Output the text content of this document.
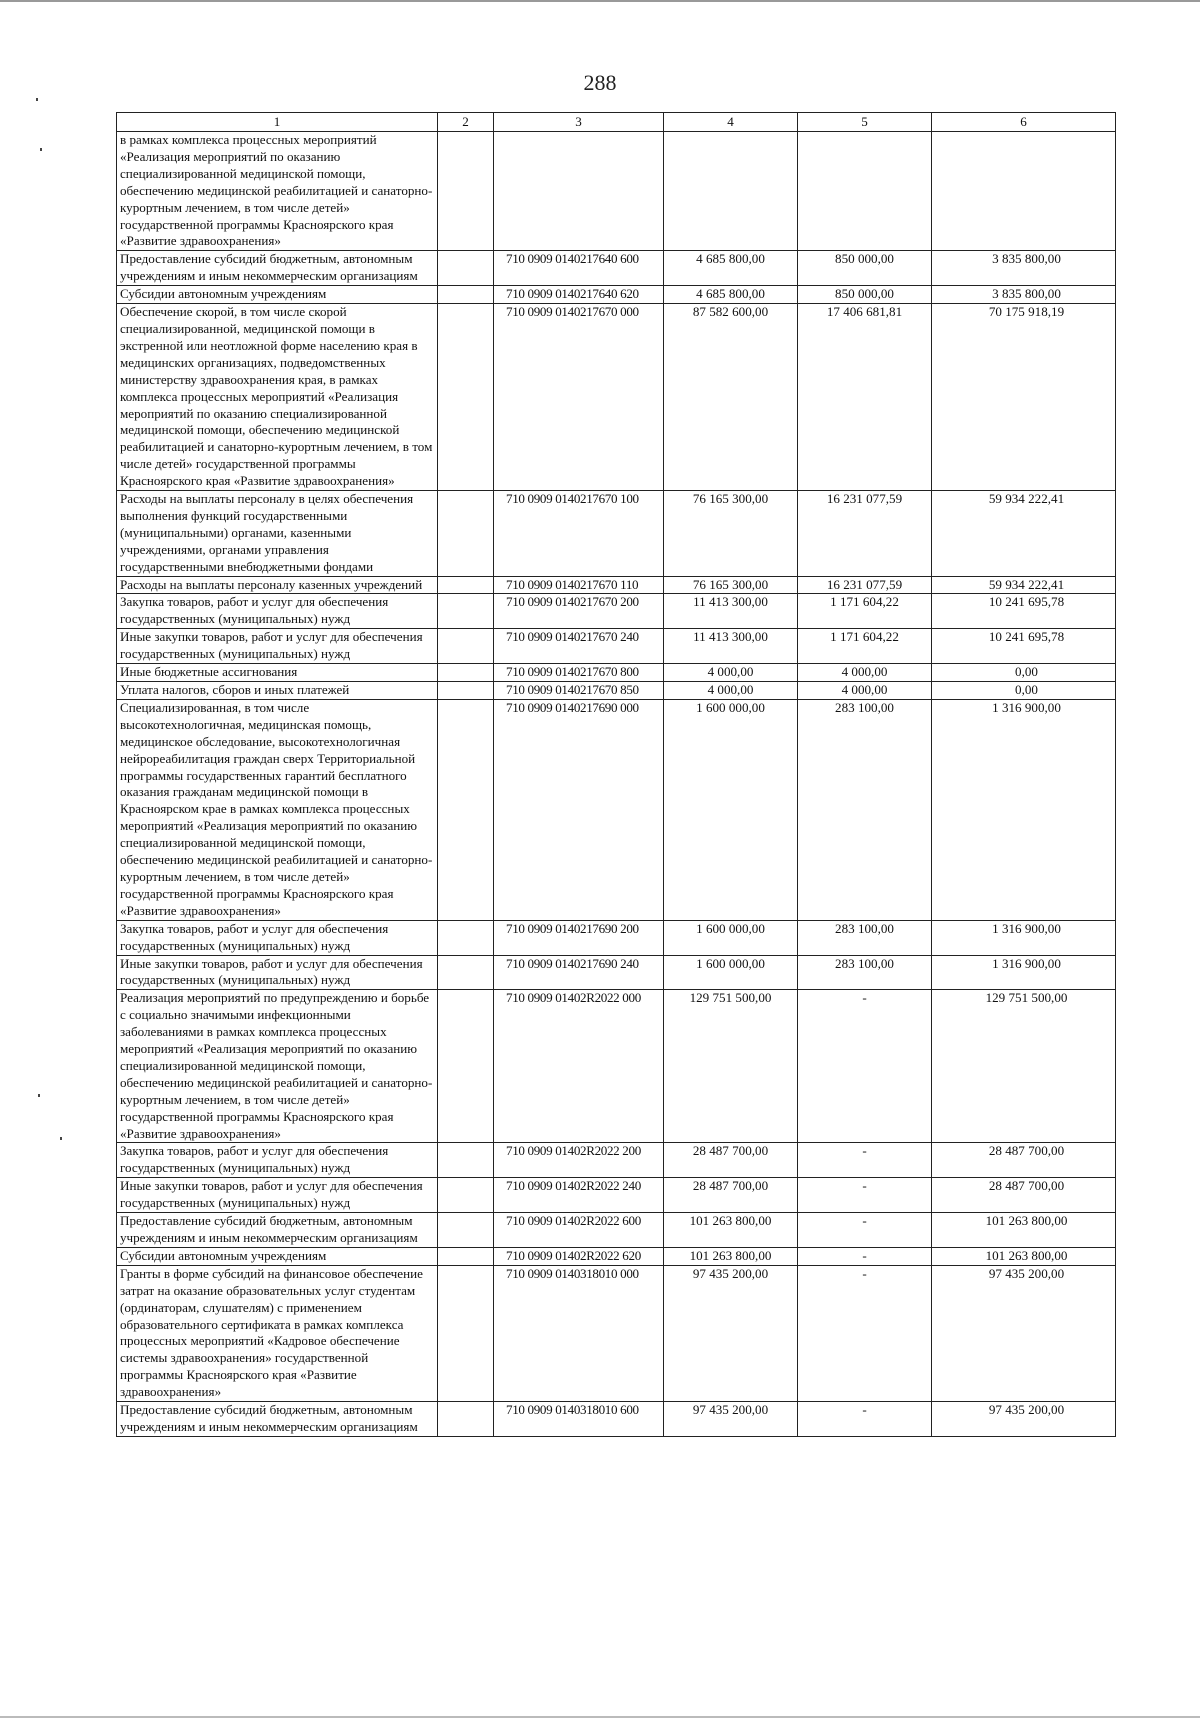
288
1	2	3	4	5	6
в рамках комплекса процессных мероприятий «Реализация мероприятий по оказанию специализированной медицинской помощи, обеспечению медицинской реабилитацией и санаторно-курортным лечением, в том числе детей» государственной программы Красноярского края «Развитие здравоохранения»					
Предоставление субсидий бюджетным, автономным учреждениям и иным некоммерческим организациям		710 0909 0140217640 600	4 685 800,00	850 000,00	3 835 800,00
Субсидии автономным учреждениям		710 0909 0140217640 620	4 685 800,00	850 000,00	3 835 800,00
Обеспечение скорой, в том числе скорой специализированной, медицинской помощи в экстренной или неотложной форме населению края в медицинских организациях, подведомственных министерству здравоохранения края, в рамках комплекса процессных мероприятий «Реализация мероприятий по оказанию специализированной медицинской помощи, обеспечению медицинской реабилитацией и санаторно-курортным лечением, в том числе детей» государственной программы Красноярского края «Развитие здравоохранения»		710 0909 0140217670 000	87 582 600,00	17 406 681,81	70 175 918,19
Расходы на выплаты персоналу в целях обеспечения выполнения функций государственными (муниципальными) органами, казенными учреждениями, органами управления государственными внебюджетными фондами		710 0909 0140217670 100	76 165 300,00	16 231 077,59	59 934 222,41
Расходы на выплаты персоналу казенных учреждений		710 0909 0140217670 110	76 165 300,00	16 231 077,59	59 934 222,41
Закупка товаров, работ и услуг для обеспечения государственных (муниципальных) нужд		710 0909 0140217670 200	11 413 300,00	1 171 604,22	10 241 695,78
Иные закупки товаров, работ и услуг для обеспечения государственных (муниципальных) нужд		710 0909 0140217670 240	11 413 300,00	1 171 604,22	10 241 695,78
Иные бюджетные ассигнования		710 0909 0140217670 800	4 000,00	4 000,00	0,00
Уплата налогов, сборов и иных платежей		710 0909 0140217670 850	4 000,00	4 000,00	0,00
Специализированная, в том числе высокотехнологичная, медицинская помощь, медицинское обследование, высокотехнологичная нейрореабилитация граждан сверх Территориальной программы государственных гарантий бесплатного оказания гражданам медицинской помощи в Красноярском крае в рамках комплекса процессных мероприятий «Реализация мероприятий по оказанию специализированной медицинской помощи, обеспечению медицинской реабилитацией и санаторно-курортным лечением, в том числе детей» государственной программы Красноярского края «Развитие здравоохранения»		710 0909 0140217690 000	1 600 000,00	283 100,00	1 316 900,00
Закупка товаров, работ и услуг для обеспечения государственных (муниципальных) нужд		710 0909 0140217690 200	1 600 000,00	283 100,00	1 316 900,00
Иные закупки товаров, работ и услуг для обеспечения государственных (муниципальных) нужд		710 0909 0140217690 240	1 600 000,00	283 100,00	1 316 900,00
Реализация мероприятий по предупреждению и борьбе с социально значимыми инфекционными заболеваниями в рамках комплекса процессных мероприятий «Реализация мероприятий по оказанию специализированной медицинской помощи, обеспечению медицинской реабилитацией и санаторно-курортным лечением, в том числе детей» государственной программы Красноярского края «Развитие здравоохранения»		710 0909 01402R2022 000	129 751 500,00	-	129 751 500,00
Закупка товаров, работ и услуг для обеспечения государственных (муниципальных) нужд		710 0909 01402R2022 200	28 487 700,00	-	28 487 700,00
Иные закупки товаров, работ и услуг для обеспечения государственных (муниципальных) нужд		710 0909 01402R2022 240	28 487 700,00	-	28 487 700,00
Предоставление субсидий бюджетным, автономным учреждениям и иным некоммерческим организациям		710 0909 01402R2022 600	101 263 800,00	-	101 263 800,00
Субсидии автономным учреждениям		710 0909 01402R2022 620	101 263 800,00	-	101 263 800,00
Гранты в форме субсидий на финансовое обеспечение затрат на оказание образовательных услуг студентам (ординаторам, слушателям) с применением образовательного сертификата в рамках комплекса процессных мероприятий «Кадровое обеспечение системы здравоохранения» государственной программы Красноярского края «Развитие здравоохранения»		710 0909 0140318010 000	97 435 200,00	-	97 435 200,00
Предоставление субсидий бюджетным, автономным учреждениям и иным некоммерческим организациям		710 0909 0140318010 600	97 435 200,00	-	97 435 200,00
